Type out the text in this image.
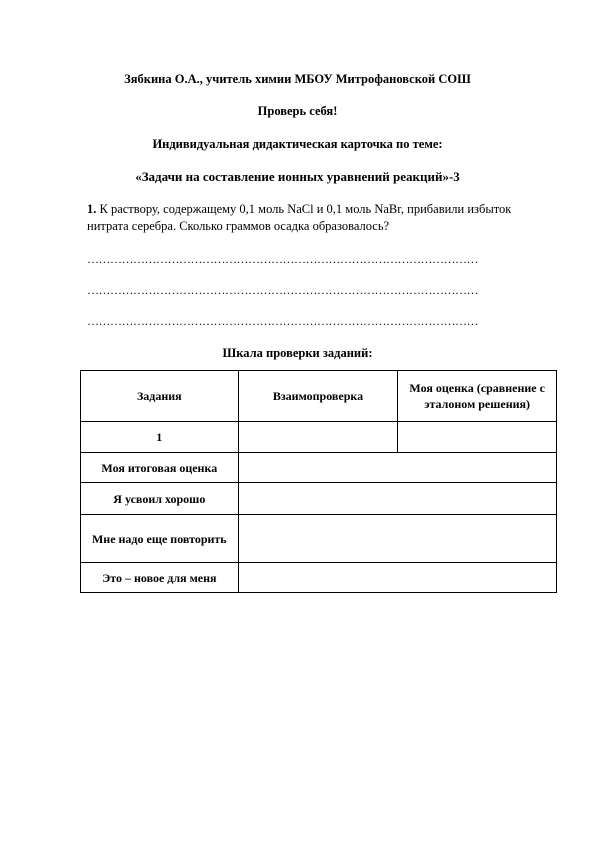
Зябкина О.А., учитель химии МБОУ Митрофановской СОШ
Проверь себя!
Индивидуальная дидактическая карточка по теме:
«Задачи на составление ионных уравнений реакций»-3
1. К раствору, содержащему 0,1 моль NaCl и 0,1 моль NaBr, прибавили избыток нитрата серебра. Сколько граммов осадка образовалось?
…………………………………………………………………………………………
…………………………………………………………………………………………
…………………………………………………………………………………………
Шкала проверки заданий:
Задания	Взаимопроверка	Моя оценка (сравнение с эталоном решения)
1		
Моя итоговая оценка		
Я усвоил хорошо		
Мне надо еще повторить		
Это – новое для меня		
